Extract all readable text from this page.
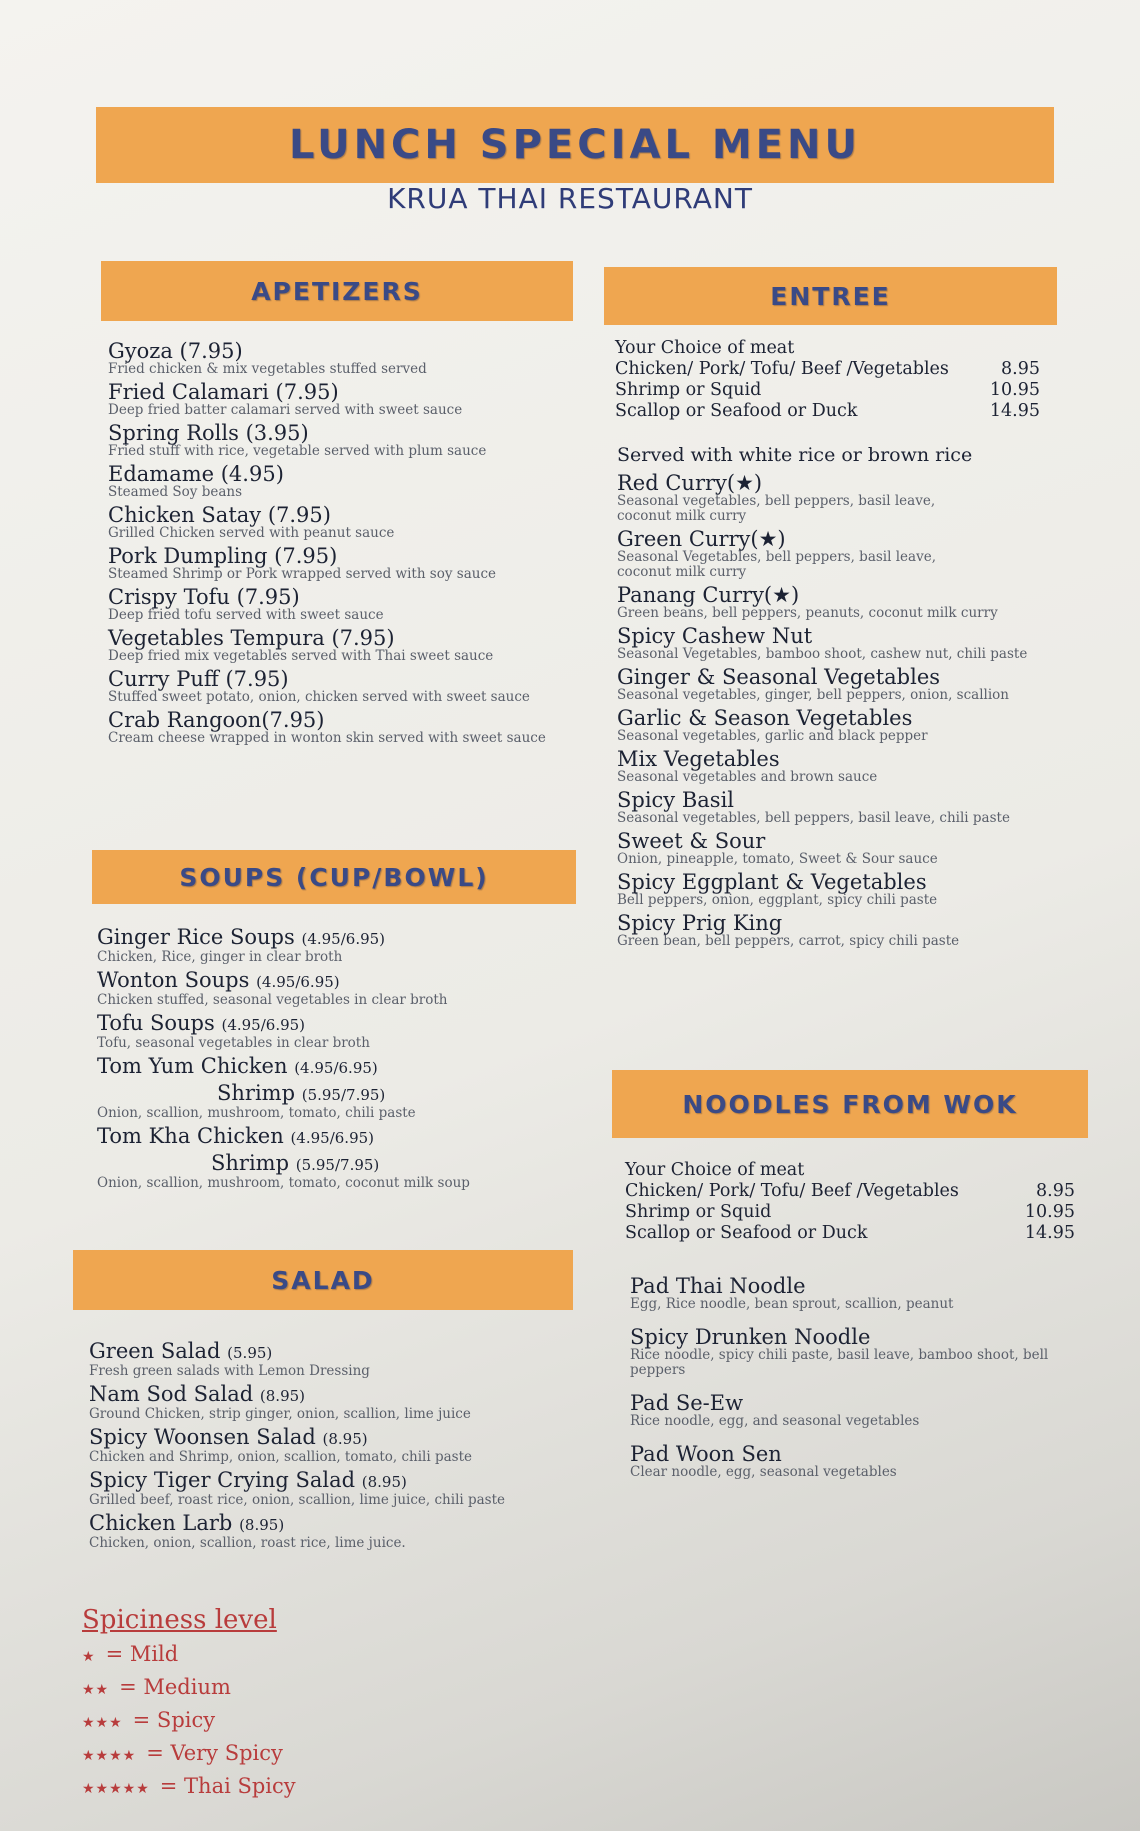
LUNCH SPECIAL MENU
KRUA THAI RESTAURANT
APETIZERS
Gyoza (7.95)
Fried chicken & mix vegetables stuffed served
Fried Calamari (7.95)
Deep fried batter calamari served with sweet sauce
Spring Rolls (3.95)
Fried stuff with rice, vegetable served with plum sauce
Edamame (4.95)
Steamed Soy beans
Chicken Satay (7.95)
Grilled Chicken served with peanut sauce
Pork Dumpling (7.95)
Steamed Shrimp or Pork wrapped served with soy sauce
Crispy Tofu (7.95)
Deep fried tofu served with sweet sauce
Vegetables Tempura (7.95)
Deep fried mix vegetables served with Thai sweet sauce
Curry Puff (7.95)
Stuffed sweet potato, onion, chicken served with sweet sauce
Crab Rangoon(7.95)
Cream cheese wrapped in wonton skin served with sweet sauce
SOUPS (CUP/BOWL)
Ginger Rice Soups (4.95/6.95)
Chicken, Rice, ginger in clear broth
Wonton Soups (4.95/6.95)
Chicken stuffed, seasonal vegetables in clear broth
Tofu Soups (4.95/6.95)
Tofu, seasonal vegetables in clear broth
Tom Yum Chicken (4.95/6.95)
Shrimp (5.95/7.95)
Onion, scallion, mushroom, tomato, chili paste
Tom Kha Chicken (4.95/6.95)
Shrimp (5.95/7.95)
Onion, scallion, mushroom, tomato, coconut milk soup
SALAD
Green Salad (5.95)
Fresh green salads with Lemon Dressing
Nam Sod Salad (8.95)
Ground Chicken, strip ginger, onion, scallion, lime juice
Spicy Woonsen Salad (8.95)
Chicken and Shrimp, onion, scallion, tomato, chili paste
Spicy Tiger Crying Salad (8.95)
Grilled beef, roast rice, onion, scallion, lime juice, chili paste
Chicken Larb (8.95)
Chicken, onion, scallion, roast rice, lime juice.
Spiciness level
★ = Mild
★★ = Medium
★★★ = Spicy
★★★★ = Very Spicy
★★★★★ = Thai Spicy
ENTREE
Your Choice of meat
Chicken/ Pork/ Tofu/ Beef /Vegetables	8.95
Shrimp or Squid	10.95
Scallop or Seafood or Duck	14.95
Served with white rice or brown rice
Red Curry(★)
Seasonal vegetables, bell peppers, basil leave, coconut milk curry
Green Curry(★)
Seasonal Vegetables, bell peppers, basil leave, coconut milk curry
Panang Curry(★)
Green beans, bell peppers, peanuts, coconut milk curry
Spicy Cashew Nut
Seasonal Vegetables, bamboo shoot, cashew nut, chili paste
Ginger & Seasonal Vegetables
Seasonal vegetables, ginger, bell peppers, onion, scallion
Garlic & Season Vegetables
Seasonal vegetables, garlic and black pepper
Mix Vegetables
Seasonal vegetables and brown sauce
Spicy Basil
Seasonal vegetables, bell peppers, basil leave, chili paste
Sweet & Sour
Onion, pineapple, tomato, Sweet & Sour sauce
Spicy Eggplant & Vegetables
Bell peppers, onion, eggplant, spicy chili paste
Spicy Prig King
Green bean, bell peppers, carrot, spicy chili paste
NOODLES FROM WOK
Your Choice of meat
Chicken/ Pork/ Tofu/ Beef /Vegetables	8.95
Shrimp or Squid	10.95
Scallop or Seafood or Duck	14.95
Pad Thai Noodle
Egg, Rice noodle, bean sprout, scallion, peanut
Spicy Drunken Noodle
Rice noodle, spicy chili paste, basil leave, bamboo shoot, bell peppers
Pad Se-Ew
Rice noodle, egg, and seasonal vegetables
Pad Woon Sen
Clear noodle, egg, seasonal vegetables
